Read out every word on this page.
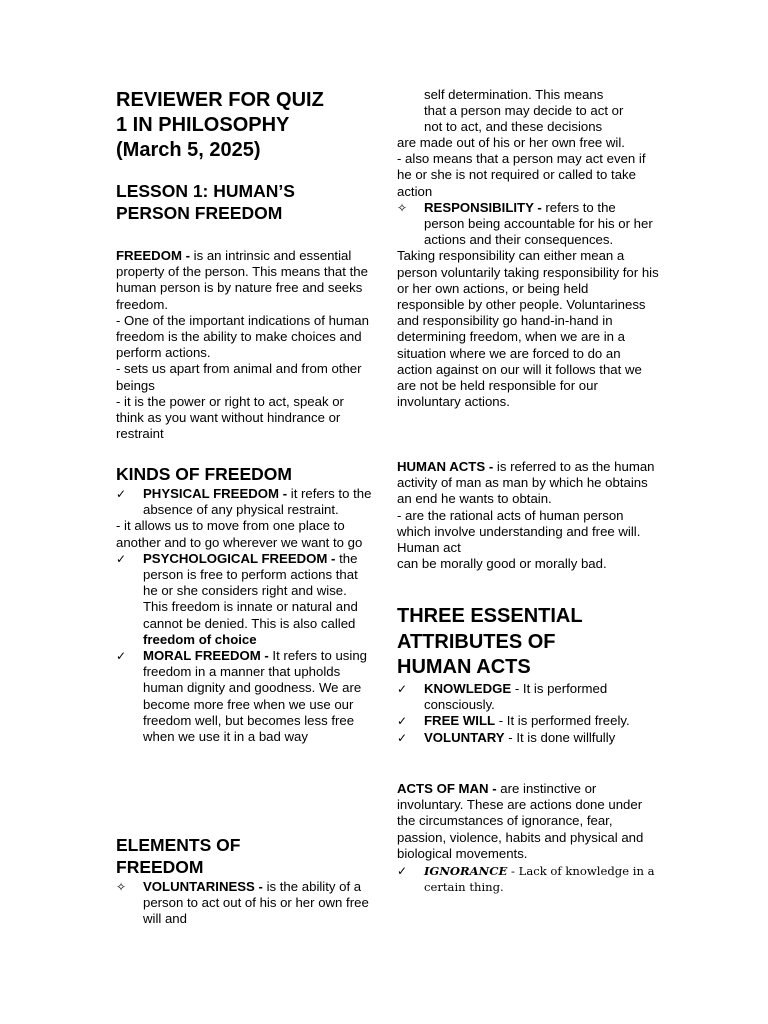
REVIEWER FOR QUIZ
1 IN PHILOSOPHY
(March 5, 2025)
LESSON 1: HUMAN’S
PERSON FREEDOM

FREEDOM - is an intrinsic and essential property of the person. This means that the human person is by nature free and seeks freedom.

- One of the important indications of human freedom is the ability to make choices and perform actions.

- sets us apart from animal and from other beings

- it is the power or right to act, speak or think as you want without hindrance or restraint

KINDS OF FREEDOM
✓ PHYSICAL FREEDOM - it refers to the absence of any physical restraint.

- it allows us to move from one place to another and to go wherever we want to go

✓ PSYCHOLOGICAL FREEDOM - the person is free to perform actions that he or she considers right and wise. This freedom is innate or natural and cannot be denied. This is also called freedom of choice
✓ MORAL FREEDOM - It refers to using freedom in a manner that upholds human dignity and goodness. We are become more free when we use our freedom well, but becomes less free when we use it in a bad way
ELEMENTS OF
FREEDOM
✧ VOLUNTARINESS - is the ability of a person to act out of his or her own free will and

self determination. This means

that a person may decide to act or

not to act, and these decisions

are made out of his or her own free wil.

- also means that a person may act even if he or she is not required or called to take action

✧ RESPONSIBILITY - refers to the person being accountable for his or her actions and their consequences.

Taking responsibility can either mean a person voluntarily taking responsibility for his or her own actions, or being held responsible by other people. Voluntariness and responsibility go hand-in-hand in determining freedom, when we are in a situation where we are forced to do an action against on our will it follows that we are not be held responsible for our involuntary actions.

HUMAN ACTS - is referred to as the human activity of man as man by which he obtains an end he wants to obtain.

- are the rational acts of human person which involve understanding and free will. Human act

can be morally good or morally bad.

THREE ESSENTIAL
ATTRIBUTES OF
HUMAN ACTS
✓ KNOWLEDGE - It is performed consciously.
✓ FREE WILL - It is performed freely.
✓ VOLUNTARY - It is done willfully

ACTS OF MAN - are instinctive or involuntary. These are actions done under the circumstances of ignorance, fear, passion, violence, habits and physical and biological movements.

✓ IGNORANCE - Lack of knowledge in a certain thing.
